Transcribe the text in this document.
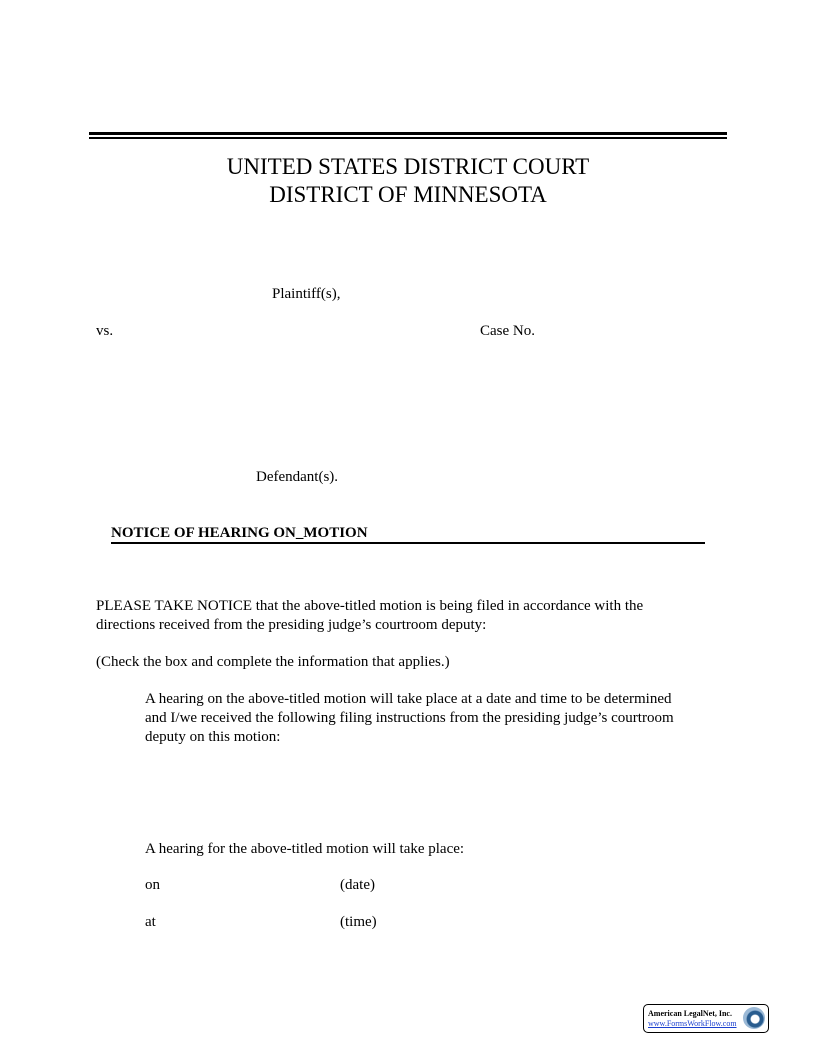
UNITED STATES DISTRICT COURT
DISTRICT OF MINNESOTA
Plaintiff(s),
vs.	Case No.
Defendant(s).
NOTICE OF HEARING ON_MOTION
PLEASE TAKE NOTICE that the above-titled motion is being filed in accordance with the
directions received from the presiding judge’s courtroom deputy:
(Check the box and complete the information that applies.)
A hearing on the above-titled motion will take place at a date and time to be determined
and I/we received the following filing instructions from the presiding judge’s courtroom
deputy on this motion:
A hearing for the above-titled motion will take place:
on	(date)
at	(time)
American LegalNet, Inc.
www.FormsWorkFlow.com
